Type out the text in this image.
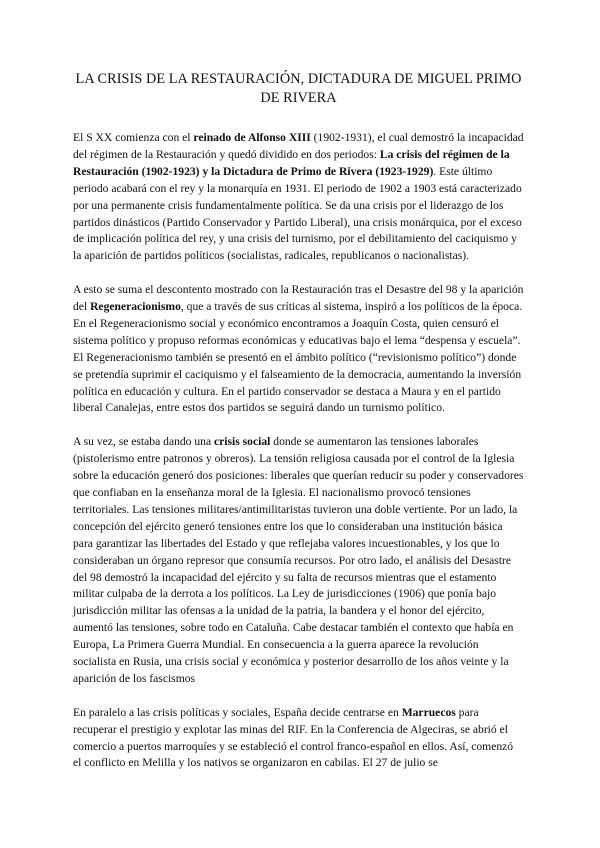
LA CRISIS DE LA RESTAURACIÓN, DICTADURA DE MIGUEL PRIMO
DE RIVERA

El S XX comienza con el reinado de Alfonso XIII (1902-1931), el cual demostró la incapacidad del régimen de la Restauración y quedó dividido en dos periodos: La crisis del régimen de la Restauración (1902-1923) y la Dictadura de Primo de Rivera (1923-1929). Este último periodo acabará con el rey y la monarquía en 1931. El periodo de 1902 a 1903 está caracterizado por una permanente crisis fundamentalmente política. Se da una crisis por el liderazgo de los partidos dinásticos (Partido Conservador y Partido Liberal), una crisis monárquica, por el exceso de implicación política del rey, y una crisis del turnismo, por el debilitamiento del caciquismo y la aparición de partidos políticos (socialistas, radicales, republicanos o nacionalistas).

A esto se suma el descontento mostrado con la Restauración tras el Desastre del 98 y la aparición del Regeneracionismo, que a través de sus críticas al sistema, inspiró a los políticos de la época. En el Regeneracionismo social y económico encontramos a Joaquín Costa, quien censuró el sistema político y propuso reformas económicas y educativas bajo el lema “despensa y escuela”.

El Regeneracionismo también se presentó en el ámbito político (“revisionismo político”) donde se pretendía suprimir el caciquismo y el falseamiento de la democracia, aumentando la inversión política en educación y cultura. En el partido conservador se destaca a Maura y en el partido liberal Canalejas, entre estos dos partidos se seguirá dando un turnismo político.

A su vez, se estaba dando una crisis social donde se aumentaron las tensiones laborales (pistolerismo entre patronos y obreros). La tensión religiosa causada por el control de la Iglesia sobre la educación generó dos posiciones: liberales que querían reducir su poder y conservadores que confiaban en la enseñanza moral de la Iglesia. El nacionalismo provocó tensiones territoriales. Las tensiones militares/antimilitaristas tuvieron una doble vertiente. Por un lado, la concepción del ejército generó tensiones entre los que lo consideraban una institución básica para garantizar las libertades del Estado y que reflejaba valores incuestionables, y los que lo consideraban un órgano represor que consumía recursos. Por otro lado, el análisis del Desastre del 98 demostró la incapacidad del ejército y su falta de recursos mientras que el estamento militar culpaba de la derrota a los políticos. La Ley de jurisdicciones (1906) que ponía bajo jurisdicción militar las ofensas a la unidad de la patria, la bandera y el honor del ejército, aumentó las tensiones, sobre todo en Cataluña. Cabe destacar también el contexto que había en Europa, La Primera Guerra Mundial. En consecuencia a la guerra aparece la revolución socialista en Rusia, una crisis social y económica y posterior desarrollo de los años veinte y la aparición de los fascismos

En paralelo a las crisis políticas y sociales, España decide centrarse en Marruecos para recuperar el prestigio y explotar las minas del RIF. En la Conferencia de Algeciras, se abrió el comercio a puertos marroquíes y se estableció el control franco-español en ellos. Así, comenzó el conflicto en Melilla y los nativos se organizaron en cabilas. El 27 de julio se
